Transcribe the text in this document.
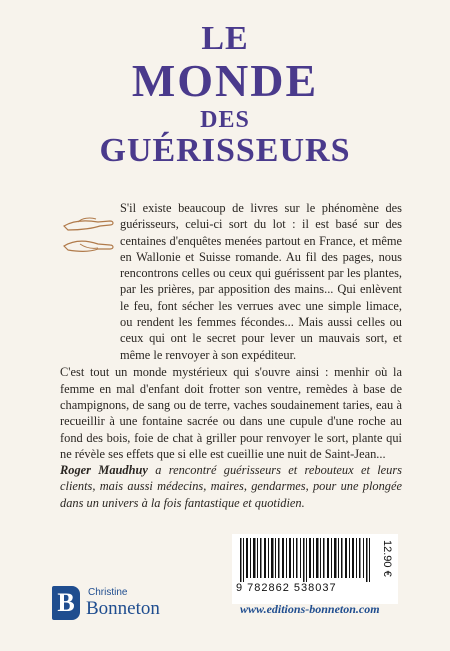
LE
MONDE
DES
GUÉRISSEURS

S'il existe beaucoup de livres sur le phénomène des guérisseurs, celui-ci sort du lot : il est basé sur des centaines d'enquêtes menées partout en France, et même en Wallonie et Suisse romande. Au fil des pages, nous rencontrons celles ou ceux qui guérissent par les plantes, par les prières, par apposition des mains... Qui enlèvent le feu, font sécher les verrues avec une simple limace, ou rendent les femmes fécondes... Mais aussi celles ou ceux qui ont le secret pour lever un mauvais sort, et même le renvoyer à son expéditeur.

C'est tout un monde mystérieux qui s'ouvre ainsi : menhir où la femme en mal d'enfant doit frotter son ventre, remèdes à base de champignons, de sang ou de terre, vaches soudainement taries, eau à recueillir à une fontaine sacrée ou dans une cupule d'une roche au fond des bois, foie de chat à griller pour renvoyer le sort, plante qui ne révèle ses effets que si elle est cueillie une nuit de Saint-Jean...

Roger Maudhuy a rencontré guérisseurs et rebouteux et leurs clients, mais aussi médecins, maires, gendarmes, pour une plongée dans un univers à la fois fantastique et quotidien.
9 782862 538037
12.90 €
B	Christine
Bonneton	www.editions-bonneton.com
